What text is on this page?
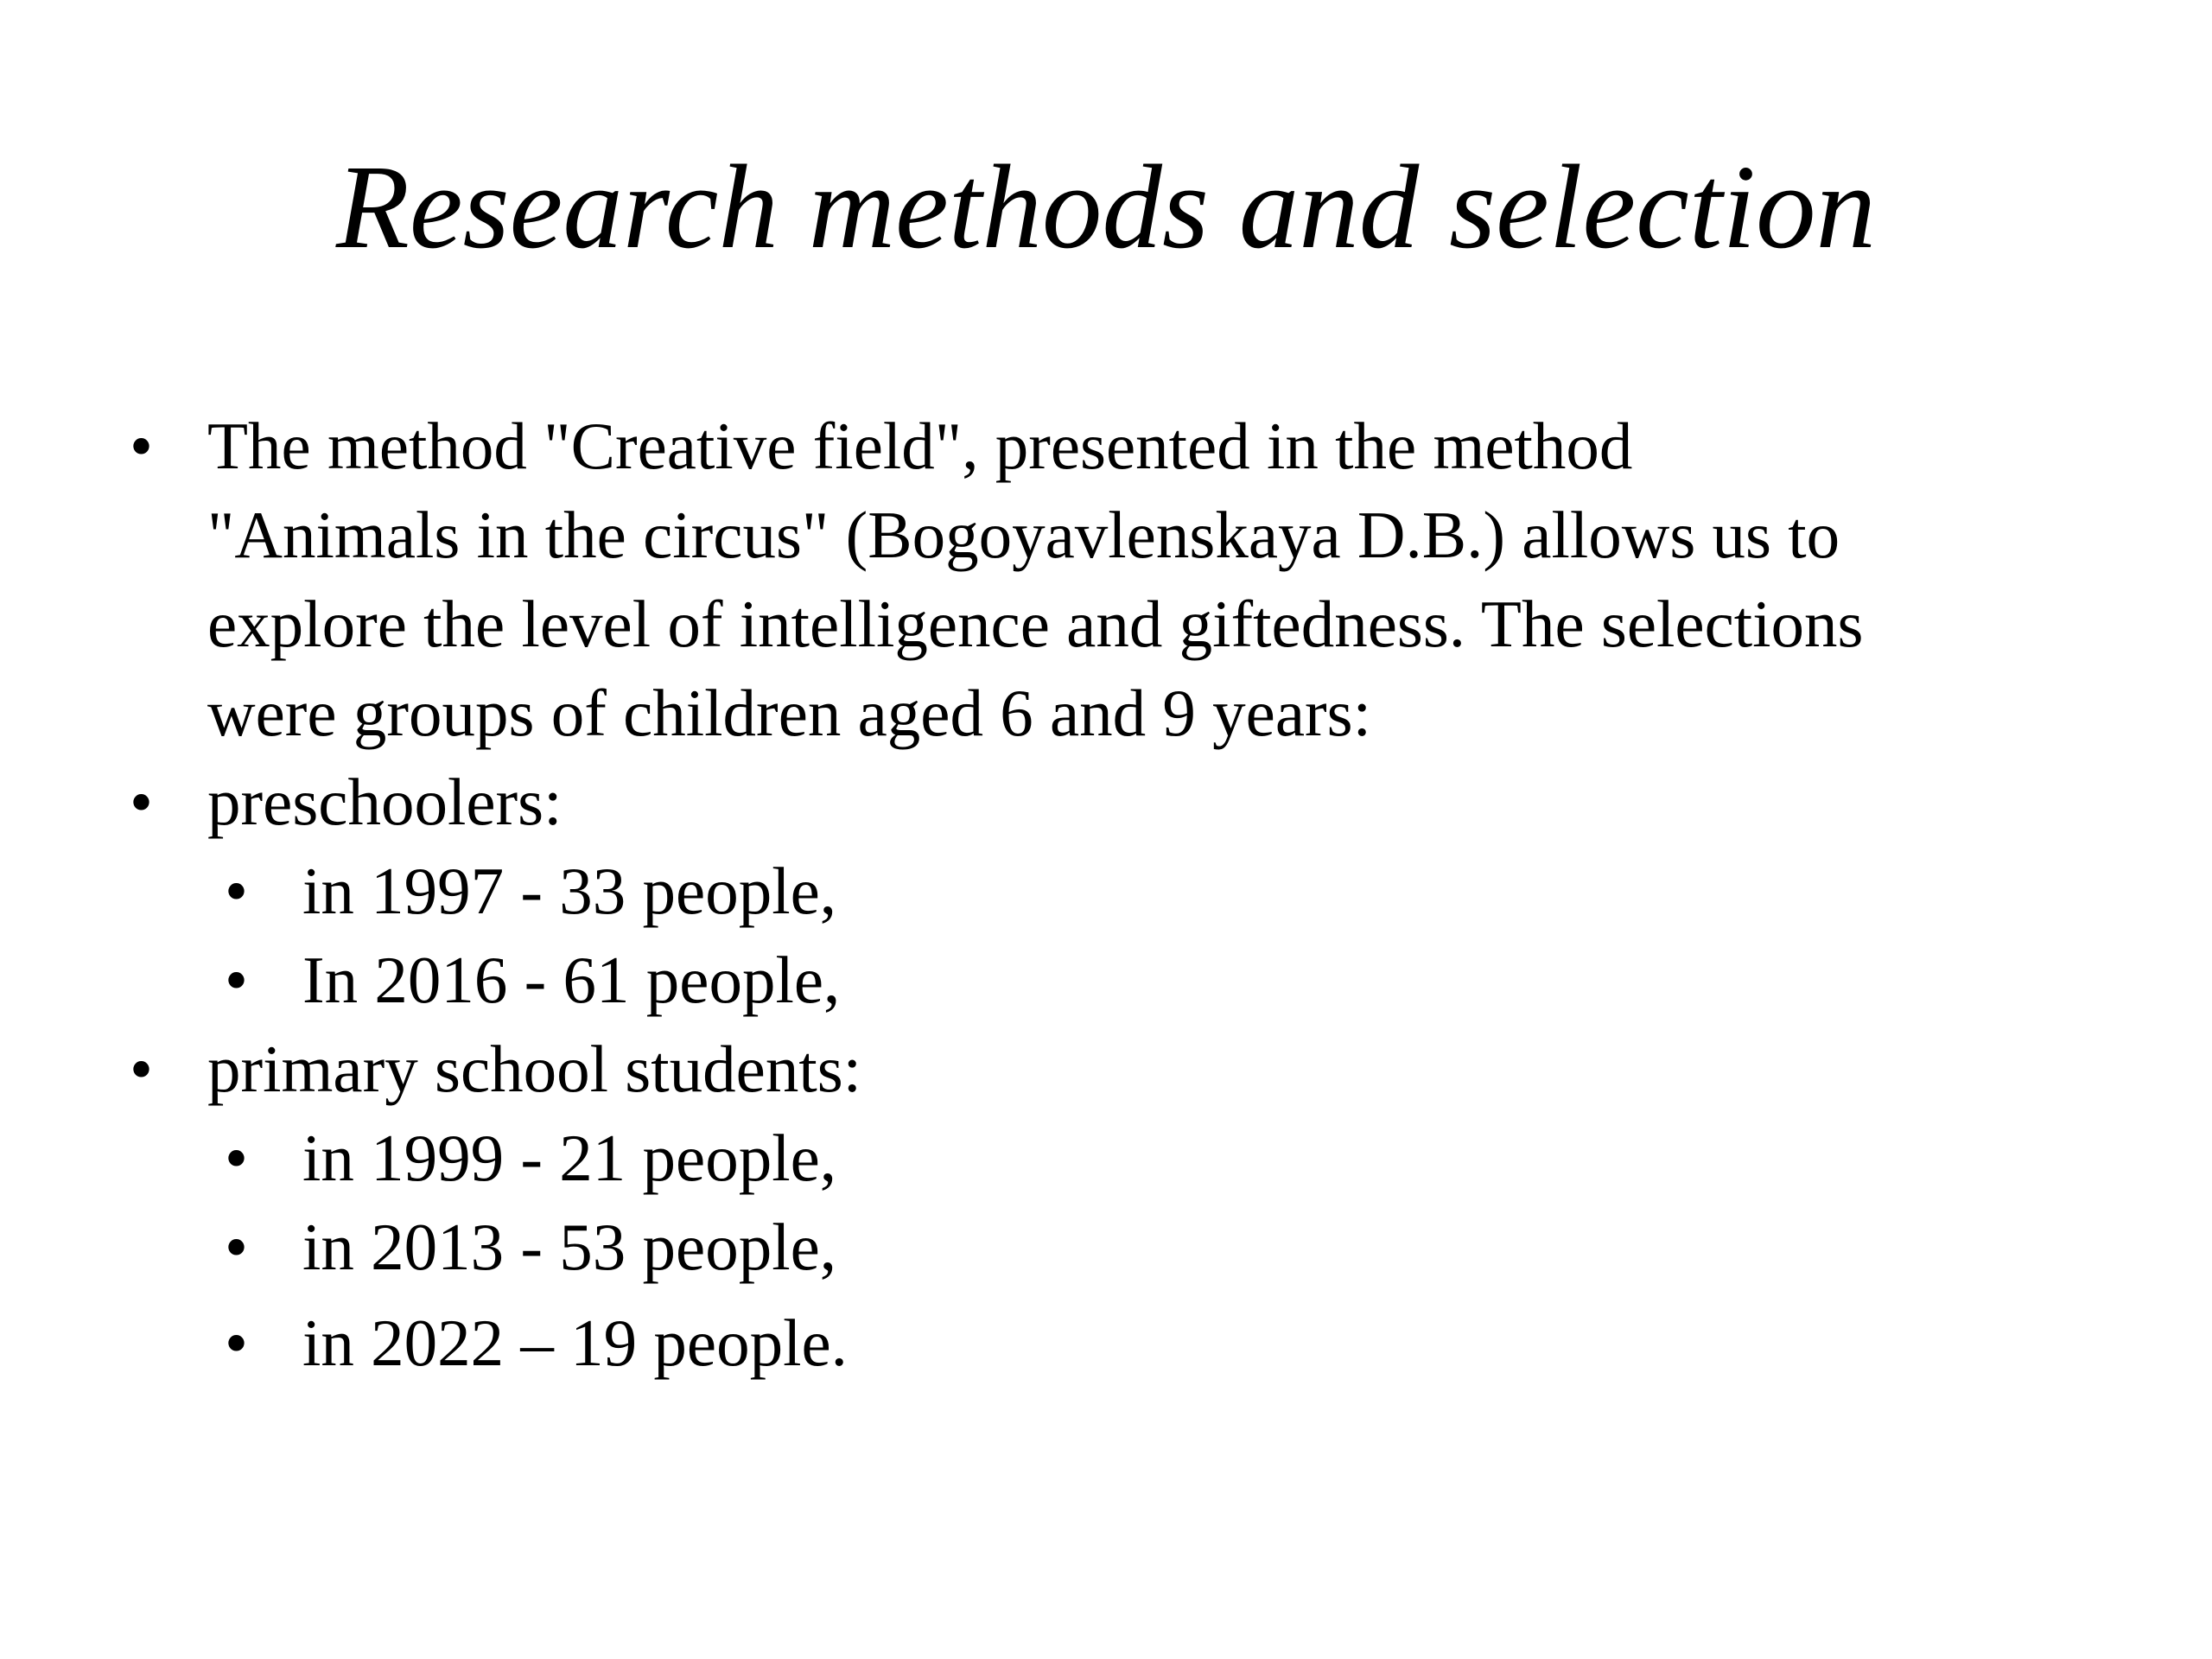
Research methods and selection
• The method "Creative field", presented in the method
"Animals in the circus" (Bogoyavlenskaya D.B.) allows us to
explore the level of intelligence and giftedness. The selections
were groups of children aged 6 and 9 years:
• preschoolers:
• in 1997 - 33 people,
• In 2016 - 61 people,
• primary school students:
• in 1999 - 21 people,
• in 2013 - 53 people,
• in 2022 – 19 people.
